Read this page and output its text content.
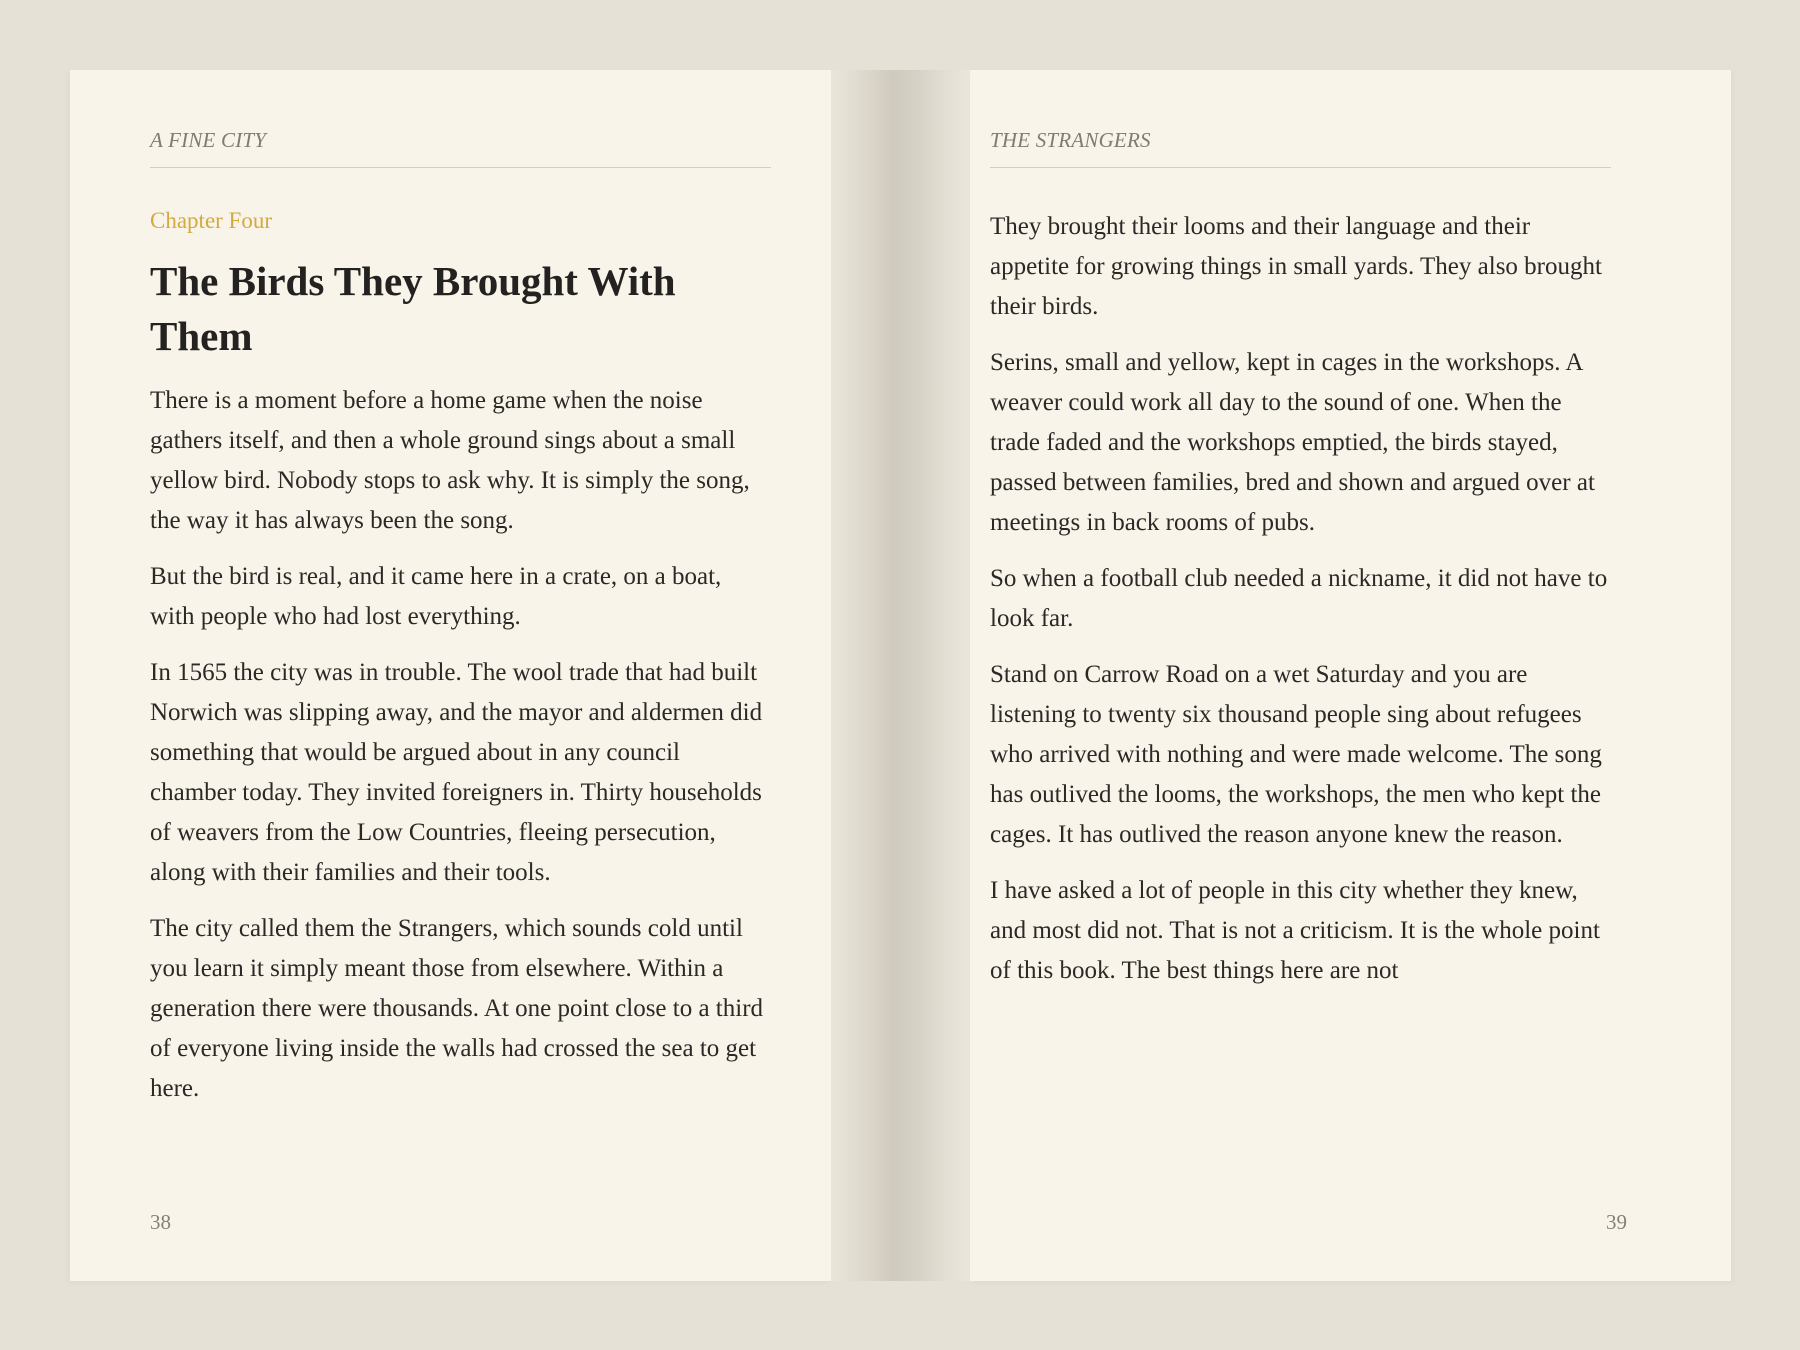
A FINE CITY
Chapter Four
The Birds They Brought With Them

There is a moment before a home game when the noise gathers itself, and then a whole ground sings about a small yellow bird. Nobody stops to ask why. It is simply the song, the way it has always been the song.

But the bird is real, and it came here in a crate, on a boat, with people who had lost everything.

In 1565 the city was in trouble. The wool trade that had built Norwich was slipping away, and the mayor and aldermen did something that would be argued about in any council chamber today. They invited foreigners in. Thirty households of weavers from the Low Countries, fleeing persecution, along with their families and their tools.

The city called them the Strangers, which sounds cold until you learn it simply meant those from elsewhere. Within a generation there were thousands. At one point close to a third of everyone living inside the walls had crossed the sea to get here.

38
THE STRANGERS

They brought their looms and their language and their appetite for growing things in small yards. They also brought their birds.

Serins, small and yellow, kept in cages in the workshops. A weaver could work all day to the sound of one. When the trade faded and the workshops emptied, the birds stayed, passed between families, bred and shown and argued over at meetings in back rooms of pubs.

So when a football club needed a nickname, it did not have to look far.

Stand on Carrow Road on a wet Saturday and you are listening to twenty six thousand people sing about refugees who arrived with nothing and were made welcome. The song has outlived the looms, the workshops, the men who kept the cages. It has outlived the reason anyone knew the reason.

I have asked a lot of people in this city whether they knew, and most did not. That is not a criticism. It is the whole point of this book. The best things here are not

39
